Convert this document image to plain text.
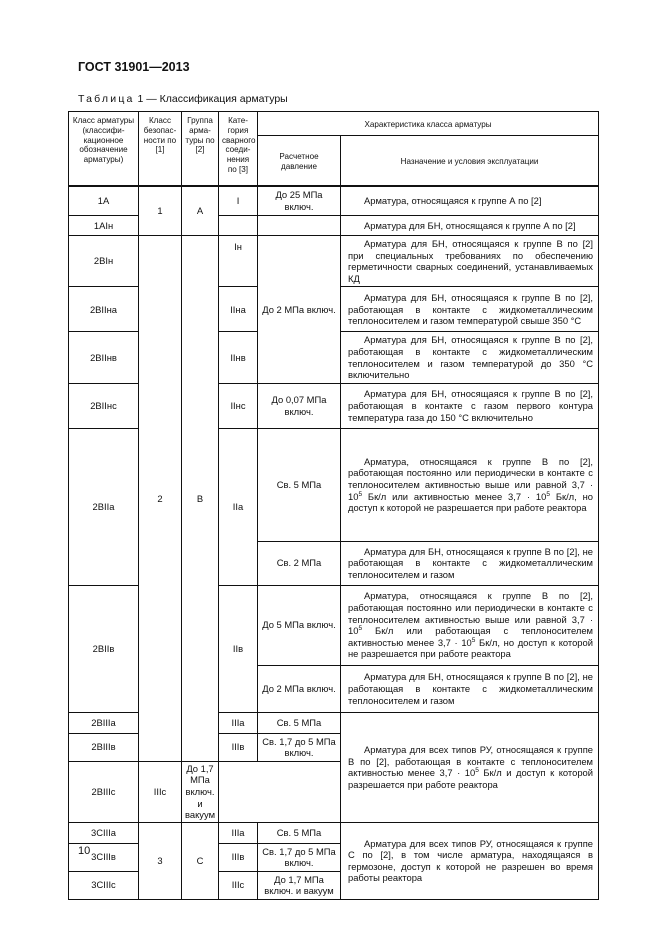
ГОСТ 31901—2013
Таблица 1 — Классификация арматуры
Класс арматуры (классифи-кационное обозначение арматуры)	Класс безопас-ности по [1]	Группа арма-туры по [2]	Кате-гория сварного соеди-нения по [3]	Характеристика класса арматуры	
				Расчетное давление	Назначение и условия эксплуатации
1А	1	А	I	До 25 МПа включ.	Арматура, относящаяся к группе А по [2]
1АIн					Арматура для БН, относящаяся к группе А по [2]
2ВIн	2	В	Iн	До 2 МПа включ.	Арматура для БН, относящаяся к группе В по [2] при специальных требованиях по обеспечению герметичности сварных соединений, устанавливаемых КД
2ВIIна			IIна		Арматура для БН, относящаяся к группе В по [2], работающая в контакте с жидкометаллическим теплоносителем и газом температурой свыше 350 °С
2ВIIнв			IIнв		Арматура для БН, относящаяся к группе В по [2], работающая в контакте с жидкометаллическим теплоносителем и газом температурой до 350 °С включительно
2ВIIнс			IIнс	До 0,07 МПа включ.	Арматура для БН, относящаяся к группе В по [2], работающая в контакте с газом первого контура температура газа до 150 °С включительно
2ВIIа			IIа	Св. 5 МПа	Арматура, относящаяся к группе В по [2], работающая постоянно или периодически в контакте с теплоносителем активностью выше или равной $3,7 \cdot 10^5$ Бк/л или активностью менее $3,7 \cdot 10^5$ Бк/л, но доступ к которой не разрешается при работе реактора
				Св. 2 МПа	Арматура для БН, относящаяся к группе В по [2], не работающая в контакте с жидкометаллическим теплоносителем и газом
2ВIIв			IIв	До 5 МПа включ.	Арматура, относящаяся к группе В по [2], работающая постоянно или периодически в контакте с теплоносителем активностью выше или равной $3,7 \cdot 10^5$ Бк/л или работающая с теплоносителем активностью менее $3,7 \cdot 10^5$ Бк/л, но доступ к которой не разрешается при работе реактора
				До 2 МПа включ.	Арматура для БН, относящаяся к группе В по [2], не работающая в контакте с жидкометаллическим теплоносителем и газом
2ВIIIа			IIIа	Св. 5 МПа	Арматура для всех типов РУ, относящаяся к группе В по [2], работающая в контакте с теплоносителем активностью менее $3,7 \cdot 10^5$ Бк/л и доступ к которой разрешается при работе реактора
2ВIIIв			IIIв	Св. 1,7 до 5 МПа включ.	
2ВIIIс	IIIс	До 1,7 МПа включ. и вакуум			
3СIIIа	3	С	IIIа	Св. 5 МПа	Арматура для всех типов РУ, относящаяся к группе С по [2], в том числе арматура, находящаяся в гермозоне, доступ к которой не разрешен во время работы реактора
3СIIIв			IIIв	Св. 1,7 до 5 МПа включ.	
3СIIIс			IIIс	До 1,7 МПа включ. и вакуум	
10
